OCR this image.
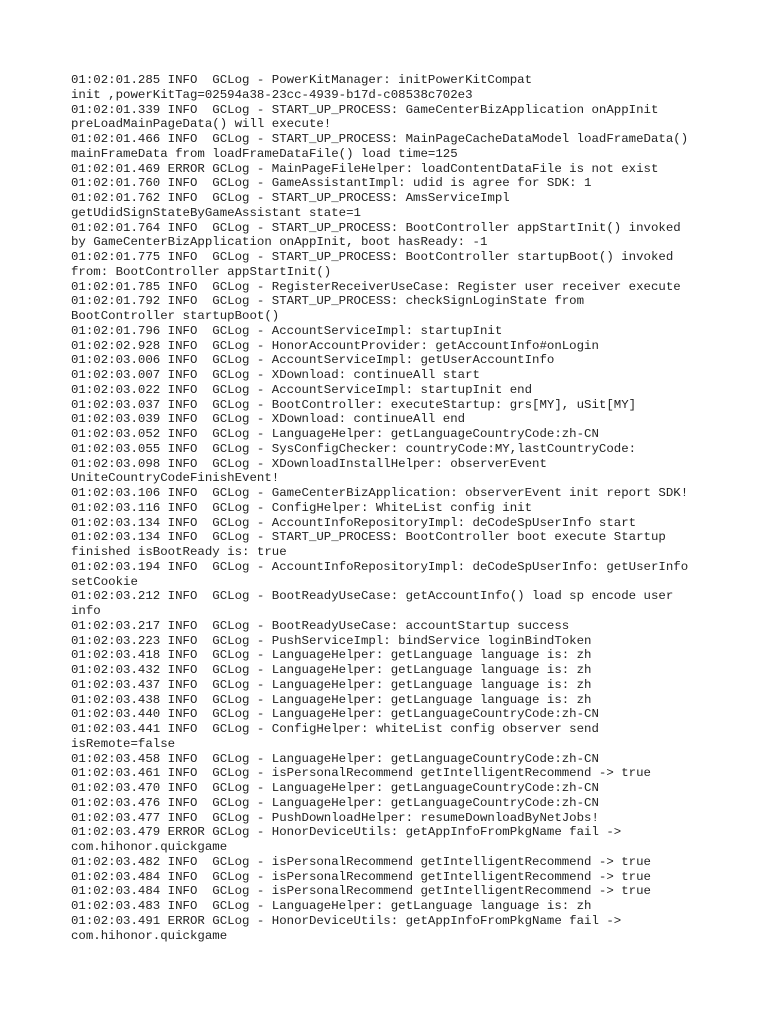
01:02:01.285 INFO  GCLog - PowerKitManager: initPowerKitCompat
init ,powerKitTag=02594a38-23cc-4939-b17d-c08538c702e3
01:02:01.339 INFO  GCLog - START_UP_PROCESS: GameCenterBizApplication onAppInit
preLoadMainPageData() will execute!
01:02:01.466 INFO  GCLog - START_UP_PROCESS: MainPageCacheDataModel loadFrameData()
mainFrameData from loadFrameDataFile() load time=125
01:02:01.469 ERROR GCLog - MainPageFileHelper: loadContentDataFile is not exist
01:02:01.760 INFO  GCLog - GameAssistantImpl: udid is agree for SDK: 1
01:02:01.762 INFO  GCLog - START_UP_PROCESS: AmsServiceImpl
getUdidSignStateByGameAssistant state=1
01:02:01.764 INFO  GCLog - START_UP_PROCESS: BootController appStartInit() invoked
by GameCenterBizApplication onAppInit, boot hasReady: -1
01:02:01.775 INFO  GCLog - START_UP_PROCESS: BootController startupBoot() invoked
from: BootController appStartInit()
01:02:01.785 INFO  GCLog - RegisterReceiverUseCase: Register user receiver execute
01:02:01.792 INFO  GCLog - START_UP_PROCESS: checkSignLoginState from
BootController startupBoot()
01:02:01.796 INFO  GCLog - AccountServiceImpl: startupInit
01:02:02.928 INFO  GCLog - HonorAccountProvider: getAccountInfo#onLogin
01:02:03.006 INFO  GCLog - AccountServiceImpl: getUserAccountInfo
01:02:03.007 INFO  GCLog - XDownload: continueAll start
01:02:03.022 INFO  GCLog - AccountServiceImpl: startupInit end
01:02:03.037 INFO  GCLog - BootController: executeStartup: grs[MY], uSit[MY]
01:02:03.039 INFO  GCLog - XDownload: continueAll end
01:02:03.052 INFO  GCLog - LanguageHelper: getLanguageCountryCode:zh-CN
01:02:03.055 INFO  GCLog - SysConfigChecker: countryCode:MY,lastCountryCode:
01:02:03.098 INFO  GCLog - XDownloadInstallHelper: observerEvent
UniteCountryCodeFinishEvent!
01:02:03.106 INFO  GCLog - GameCenterBizApplication: observerEvent init report SDK!
01:02:03.116 INFO  GCLog - ConfigHelper: WhiteList config init
01:02:03.134 INFO  GCLog - AccountInfoRepositoryImpl: deCodeSpUserInfo start
01:02:03.134 INFO  GCLog - START_UP_PROCESS: BootController boot execute Startup
finished isBootReady is: true
01:02:03.194 INFO  GCLog - AccountInfoRepositoryImpl: deCodeSpUserInfo: getUserInfo
setCookie
01:02:03.212 INFO  GCLog - BootReadyUseCase: getAccountInfo() load sp encode user
info
01:02:03.217 INFO  GCLog - BootReadyUseCase: accountStartup success
01:02:03.223 INFO  GCLog - PushServiceImpl: bindService loginBindToken
01:02:03.418 INFO  GCLog - LanguageHelper: getLanguage language is: zh
01:02:03.432 INFO  GCLog - LanguageHelper: getLanguage language is: zh
01:02:03.437 INFO  GCLog - LanguageHelper: getLanguage language is: zh
01:02:03.438 INFO  GCLog - LanguageHelper: getLanguage language is: zh
01:02:03.440 INFO  GCLog - LanguageHelper: getLanguageCountryCode:zh-CN
01:02:03.441 INFO  GCLog - ConfigHelper: whiteList config observer send
isRemote=false
01:02:03.458 INFO  GCLog - LanguageHelper: getLanguageCountryCode:zh-CN
01:02:03.461 INFO  GCLog - isPersonalRecommend getIntelligentRecommend -> true
01:02:03.470 INFO  GCLog - LanguageHelper: getLanguageCountryCode:zh-CN
01:02:03.476 INFO  GCLog - LanguageHelper: getLanguageCountryCode:zh-CN
01:02:03.477 INFO  GCLog - PushDownloadHelper: resumeDownloadByNetJobs!
01:02:03.479 ERROR GCLog - HonorDeviceUtils: getAppInfoFromPkgName fail ->
com.hihonor.quickgame
01:02:03.482 INFO  GCLog - isPersonalRecommend getIntelligentRecommend -> true
01:02:03.484 INFO  GCLog - isPersonalRecommend getIntelligentRecommend -> true
01:02:03.484 INFO  GCLog - isPersonalRecommend getIntelligentRecommend -> true
01:02:03.483 INFO  GCLog - LanguageHelper: getLanguage language is: zh
01:02:03.491 ERROR GCLog - HonorDeviceUtils: getAppInfoFromPkgName fail ->
com.hihonor.quickgame
